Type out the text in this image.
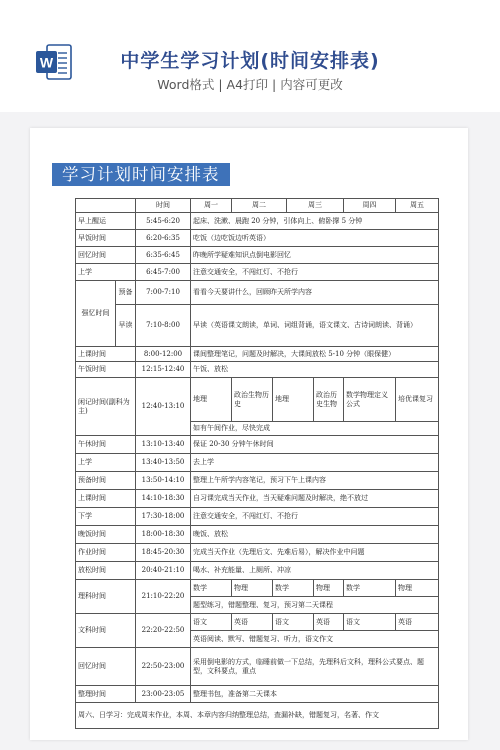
W	中学生学习计划(时间安排表)
Word格式 | A4打印 | 内容可更改
学习计划时间安排表
		时间	周一	周二		周三		周四	周五
早上醒运		5:45-6:20	起床、洗漱、晨跑 20 分钟，引体向上、俯卧撑 5 分钟						
早饭时间		6:20-6:35	吃饭（边吃饭边听英语）						
回忆时间		6:35-6:45	昨晚所学疑难知识点倒电影回忆						
上学		6:45-7:00	注意交通安全，不闯红灯、不抢行						
强忆时间	预备	7:00-7:10	看看今天要讲什么，回顾昨天所学内容						
	早读	7:10-8:00	早读（英语课文朗读，单词、词组背诵，语文课文、古诗词朗读、背诵）						
上课时间		8:00-12:00	课间整理笔记，问题及时解决，大课间放松 5-10 分钟（眼保健）						
午饭时间		12:15-12:40	午饭、放松						
闲记时间(副科为主)		12:40-13:10	地理	政治生物历史	地理		政治历史生物	数学物理定义公式	培优课复习
			如有午间作业，尽快完成						
午休时间		13:10-13:40	保证 20-30 分钟午休时间						
上学		13:40-13:50	去上学						
预备时间		13:50-14:10	整理上午所学内容笔记，预习下午上课内容						
上课时间		14:10-18:30	自习课完成当天作业，当天疑难问题及时解决，绝不放过						
下学		17:30-18:00	注意交通安全，不闯红灯、不抢行						
晚饭时间		18:00-18:30	晚饭、放松						
作业时间		18:45-20:30	完成当天作业（先理后文、先难后易），解决作业中问题						
放松时间		20:40-21:10	喝水、补充能量、上厕所、冲凉						
理科时间		21:10-22:20	数学	物理	数学		物理	数学	物理
			题型练习，错题整理、复习，预习第二天课程						
文科时间		22:20-22:50	语文	英语	语文		英语	语文	英语
			英语阅读、默写、错题复习、听力，语文作文						
回忆时间		22:50-23:00	采用倒电影的方式，临睡前做一下总结，先理科后文科，理科公式要点、题型，文科要点，重点						
整理时间		23:00-23:05	整理书包，准备第二天课本						
周六、日学习：完成周末作业，本周、本章内容归纳整理总结，查漏补缺，错题复习，名著、作文									
